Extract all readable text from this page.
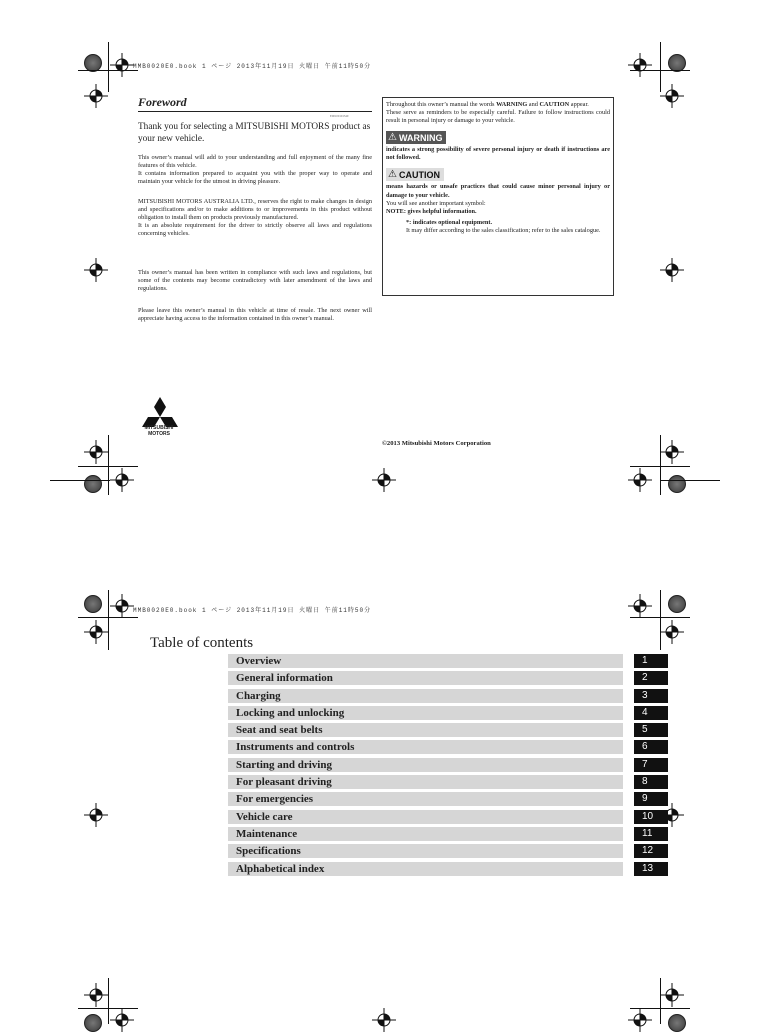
MMB0020E0.book 1 ページ 2013年11月19日 火曜日 午前11時50分
MMB0020E0.book 1 ページ 2013年11月19日 火曜日 午前11時50分
Foreword
E00100101549
Thank you for selecting a MITSUBISHI MOTORS product as your new vehicle.
This owner’s manual will add to your understanding and full enjoyment of the many fine features of this vehicle.
It contains information prepared to acquaint you with the proper way to operate and maintain your vehicle for the utmost in driving pleasure.
MITSUBISHI MOTORS AUSTRALIA LTD., reserves the right to make changes in design and specifications and/or to make additions to or improvements in this product without obligation to install them on products previously manufactured.
It is an absolute requirement for the driver to strictly observe all laws and regulations concerning vehicles.
This owner’s manual has been written in compliance with such laws and regulations, but some of the contents may become contradictory with later amendment of the laws and regulations.
Please leave this owner’s manual in this vehicle at time of resale. The next owner will appreciate having access to the information contained in this owner’s manual.
Throughout this owner’s manual the words WARNING and CAUTION appear.
These serve as reminders to be especially careful. Failure to follow instructions could result in personal injury or damage to your vehicle.
⚠ WARNING
indicates a strong possibility of severe personal injury or death if instructions are not followed.
⚠ CAUTION
means hazards or unsafe practices that could cause minor personal injury or damage to your vehicle.
You will see another important symbol:
NOTE: gives helpful information.
*: indicates optional equipment.
It may differ according to the sales classification; refer to the sales catalogue.
MITSUBISHI
MOTORS
©2013 Mitsubishi Motors Corporation
Table of contents
Overview	1
General information	2
Charging	3
Locking and unlocking	4
Seat and seat belts	5
Instruments and controls	6
Starting and driving	7
For pleasant driving	8
For emergencies	9
Vehicle care	10
Maintenance	11
Specifications	12
Alphabetical index	13
